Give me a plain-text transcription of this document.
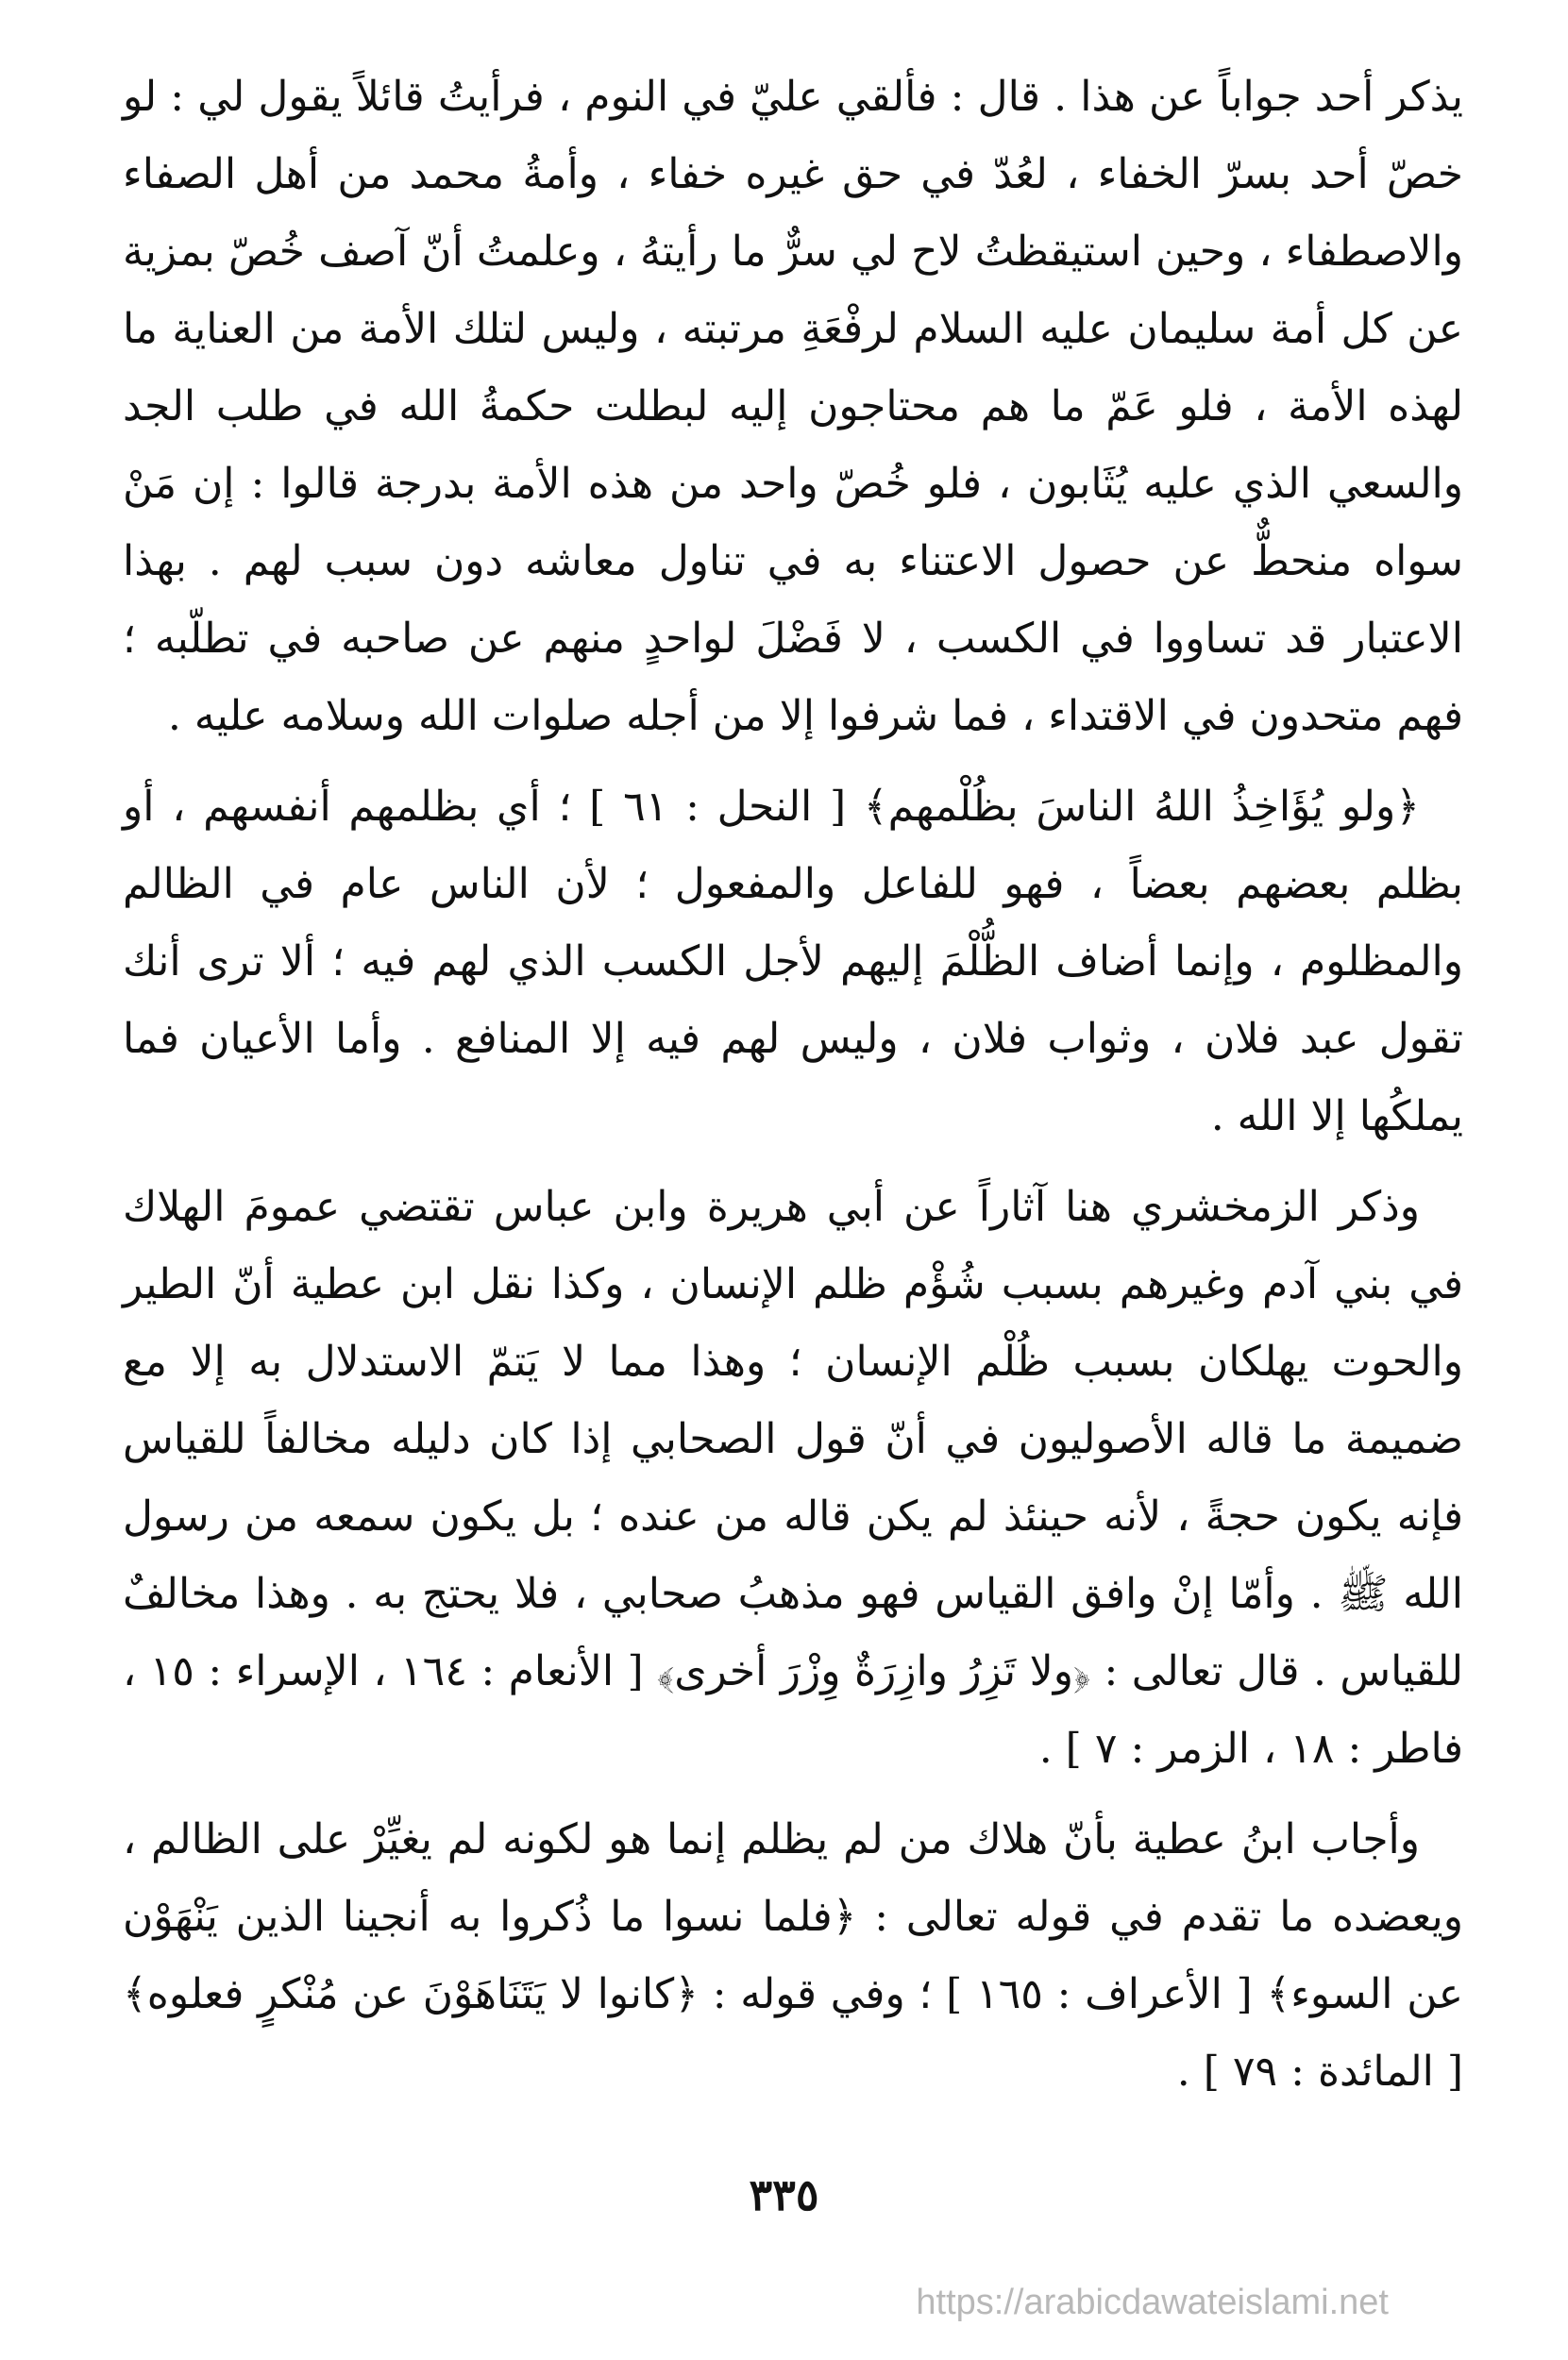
يذكر أحد جواباً عن هذا . قال : فألقي عليّ في النوم ، فرأيتُ قائلاً يقول لي : لو خصّ أحد بسرّ الخفاء ، لعُدّ في حق غيره خفاء ، وأمةُ محمد من أهل الصفاء والاصطفاء ، وحين استيقظتُ لاح لي سرٌّ ما رأيتهُ ، وعلمتُ أنّ آصف خُصّ بمزية عن كل أمة سليمان عليه السلام لرفْعَةِ مرتبته ، وليس لتلك الأمة من العناية ما لهذه الأمة ، فلو عَمّ ما هم محتاجون إليه لبطلت حكمةُ الله في طلب الجد والسعي الذي عليه يُثَابون ، فلو خُصّ واحد من هذه الأمة بدرجة قالوا : إن مَنْ سواه منحطٌّ عن حصول الاعتناء به في تناول معاشه دون سبب لهم . بهذا الاعتبار قد تساووا في الكسب ، لا فَضْلَ لواحدٍ منهم عن صاحبه في تطلّبه ؛ فهم متحدون في الاقتداء ، فما شرفوا إلا من أجله صلوات الله وسلامه عليه .

﴿ولو يُؤَاخِذُ اللهُ الناسَ بظُلْمهم﴾ [ النحل : ٦١ ] ؛ أي بظلمهم أنفسهم ، أو بظلم بعضهم بعضاً ، فهو للفاعل والمفعول ؛ لأن الناس عام في الظالم والمظلوم ، وإنما أضاف الظُّلْمَ إليهم لأجل الكسب الذي لهم فيه ؛ ألا ترى أنك تقول عبد فلان ، وثواب فلان ، وليس لهم فيه إلا المنافع . وأما الأعيان فما يملكُها إلا الله .

وذكر الزمخشري هنا آثاراً عن أبي هريرة وابن عباس تقتضي عمومَ الهلاك في بني آدم وغيرهم بسبب شُؤْم ظلم الإنسان ، وكذا نقل ابن عطية أنّ الطير والحوت يهلكان بسبب ظُلْم الإنسان ؛ وهذا مما لا يَتمّ الاستدلال به إلا مع ضميمة ما قاله الأصوليون في أنّ قول الصحابي إذا كان دليله مخالفاً للقياس فإنه يكون حجةً ، لأنه حينئذ لم يكن قاله من عنده ؛ بل يكون سمعه من رسول الله ﷺ . وأمّا إنْ وافق القياس فهو مذهبُ صحابي ، فلا يحتج به . وهذا مخالفٌ للقياس . قال تعالى : ﴿ولا تَزِرُ وازِرَةٌ وِزْرَ أخرى﴾ [ الأنعام : ١٦٤ ، الإسراء : ١٥ ، فاطر : ١٨ ، الزمر : ٧ ] .

وأجاب ابنُ عطية بأنّ هلاك من لم يظلم إنما هو لكونه لم يغيِّرْ على الظالم ، ويعضده ما تقدم في قوله تعالى : ﴿فلما نسوا ما ذُكروا به أنجينا الذين يَنْهَوْن عن السوء﴾ [ الأعراف : ١٦٥ ] ؛ وفي قوله : ﴿كانوا لا يَتَنَاهَوْنَ عن مُنْكرٍ فعلوه﴾ [ المائدة : ٧٩ ] .

٣٣٥
https://arabicdawateislami.net
